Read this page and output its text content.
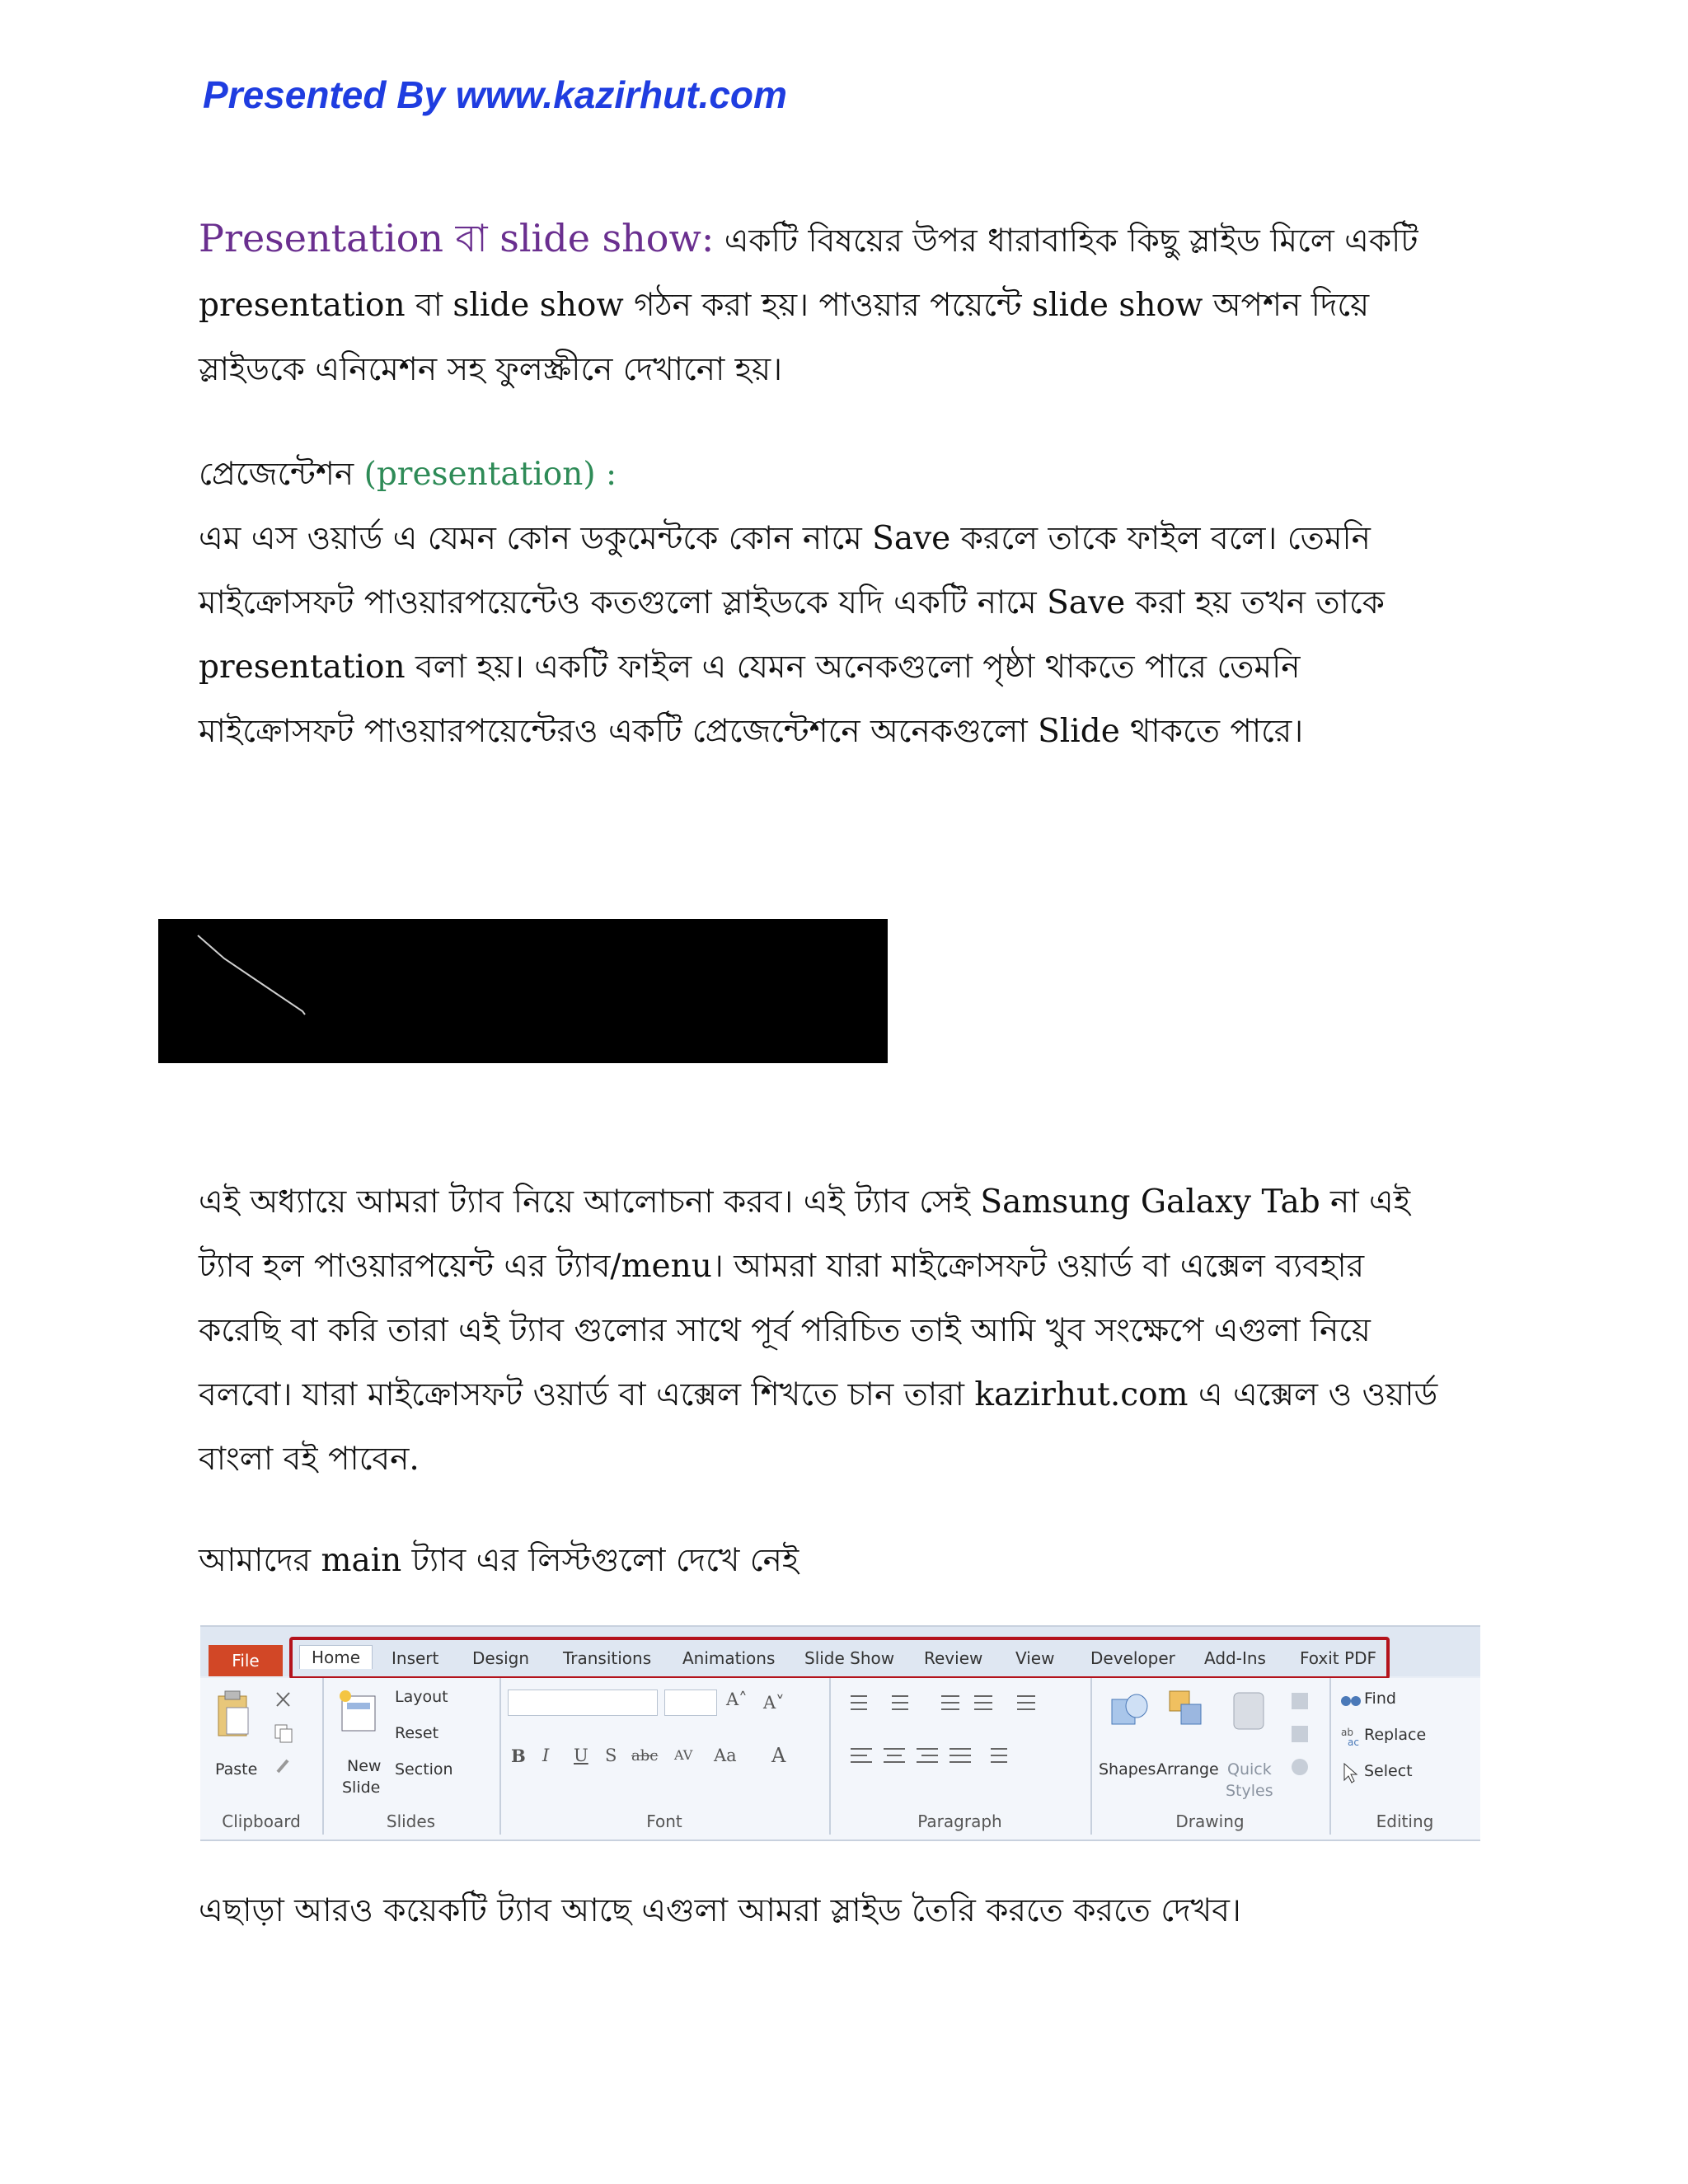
Presented By www.kazirhut.com
Presentation বা slide show: একটি বিষয়ের উপর ধারাবাহিক কিছু স্লাইড মিলে একটি
presentation বা slide show গঠন করা হয়। পাওয়ার পয়েন্টে slide show অপশন দিয়ে
স্লাইডকে এনিমেশন সহ ফুলস্ক্রীনে দেখানো হয়।
প্রেজেন্টেশন (presentation) :
এম এস ওয়ার্ড এ যেমন কোন ডকুমেন্টকে কোন নামে Save করলে তাকে ফাইল বলে। তেমনি
মাইক্রোসফট পাওয়ারপয়েন্টেও কতগুলো স্লাইডকে যদি একটি নামে Save করা হয় তখন তাকে
presentation বলা হয়। একটি ফাইল এ যেমন অনেকগুলো পৃষ্ঠা থাকতে পারে তেমনি
মাইক্রোসফট পাওয়ারপয়েন্টেরও একটি প্রেজেন্টেশনে অনেকগুলো Slide থাকতে পারে।
এই অধ্যায়ে আমরা ট্যাব নিয়ে আলোচনা করব। এই ট্যাব সেই Samsung Galaxy Tab না এই
ট্যাব হল পাওয়ারপয়েন্ট এর ট্যাব/menu। আমরা যারা মাইক্রোসফট ওয়ার্ড বা এক্সেল ব্যবহার
করেছি বা করি তারা এই ট্যাব গুলোর সাথে পূর্ব পরিচিত তাই আমি খুব সংক্ষেপে এগুলা নিয়ে
বলবো। যারা মাইক্রোসফট ওয়ার্ড বা এক্সেল শিখতে চান তারা kazirhut.com এ এক্সেল ও ওয়ার্ড
বাংলা বই পাবেন.
আমাদের main ট্যাব এর লিস্টগুলো দেখে নেই
File	Home	Insert Design Transitions Animations Slide Show Review View Developer Add-Ins Foxit PDF
Paste
Clipboard
New
Slide
Layout
Reset
Section
Slides
A˄ A˅
B I U S abc AV Aa A
Font	Paragraph
Shapes Arrange Quick
Styles
Drawing
Find
ab
ac Replace
Select
Editing
এছাড়া আরও কয়েকটি ট্যাব আছে এগুলা আমরা স্লাইড তৈরি করতে করতে দেখব।
